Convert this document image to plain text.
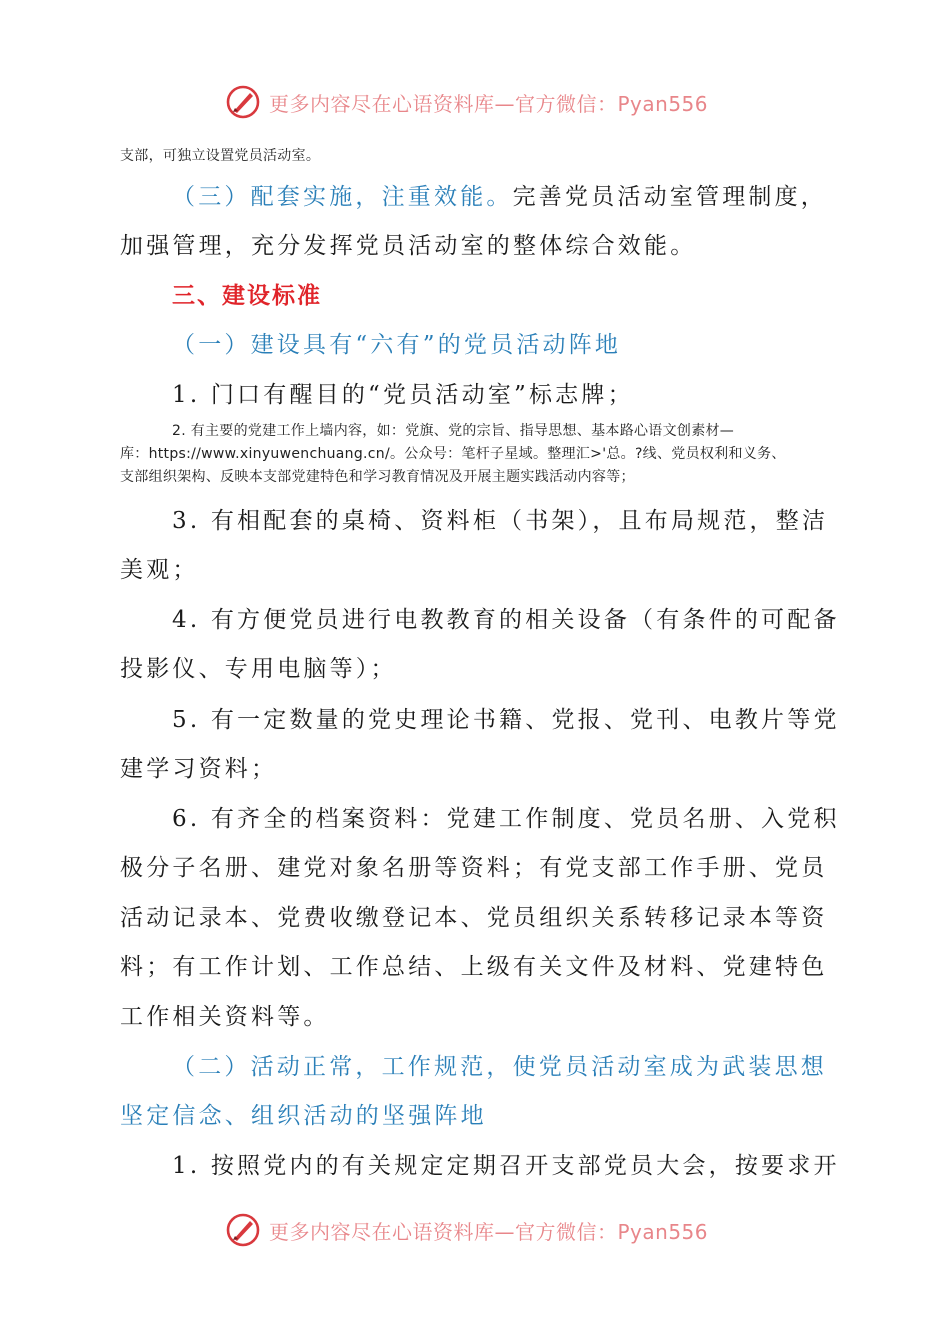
更多内容尽在心语资料库—官方微信：Pyan556
支部，可独立设置党员活动室。
（三）配套实施，注重效能。完善党员活动室管理制度，
加强管理，充分发挥党员活动室的整体综合效能。
三、建设标准
（一）建设具有“六有”的党员活动阵地
1. 门口有醒目的“党员活动室”标志牌；
2. 有主要的党建工作上墙内容，如：党旗、党的宗旨、指导思想、基本路心语文创素材—
库：https://www.xinyuwenchuang.cn/。公众号：笔杆子星域。整理汇>'总。?线、党员权利和义务、
支部组织架构、反映本支部党建特色和学习教育情况及开展主题实践活动内容等；
3. 有相配套的桌椅、资料柜（书架），且布局规范，整洁
美观；
4. 有方便党员进行电教教育的相关设备（有条件的可配备
投影仪、专用电脑等）；
5. 有一定数量的党史理论书籍、党报、党刊、电教片等党
建学习资料；
6. 有齐全的档案资料：党建工作制度、党员名册、入党积
极分子名册、建党对象名册等资料；有党支部工作手册、党员
活动记录本、党费收缴登记本、党员组织关系转移记录本等资
料；有工作计划、工作总结、上级有关文件及材料、党建特色
工作相关资料等。
（二）活动正常，工作规范，使党员活动室成为武装思想
坚定信念、组织活动的坚强阵地
1. 按照党内的有关规定定期召开支部党员大会，按要求开
更多内容尽在心语资料库—官方微信：Pyan556
